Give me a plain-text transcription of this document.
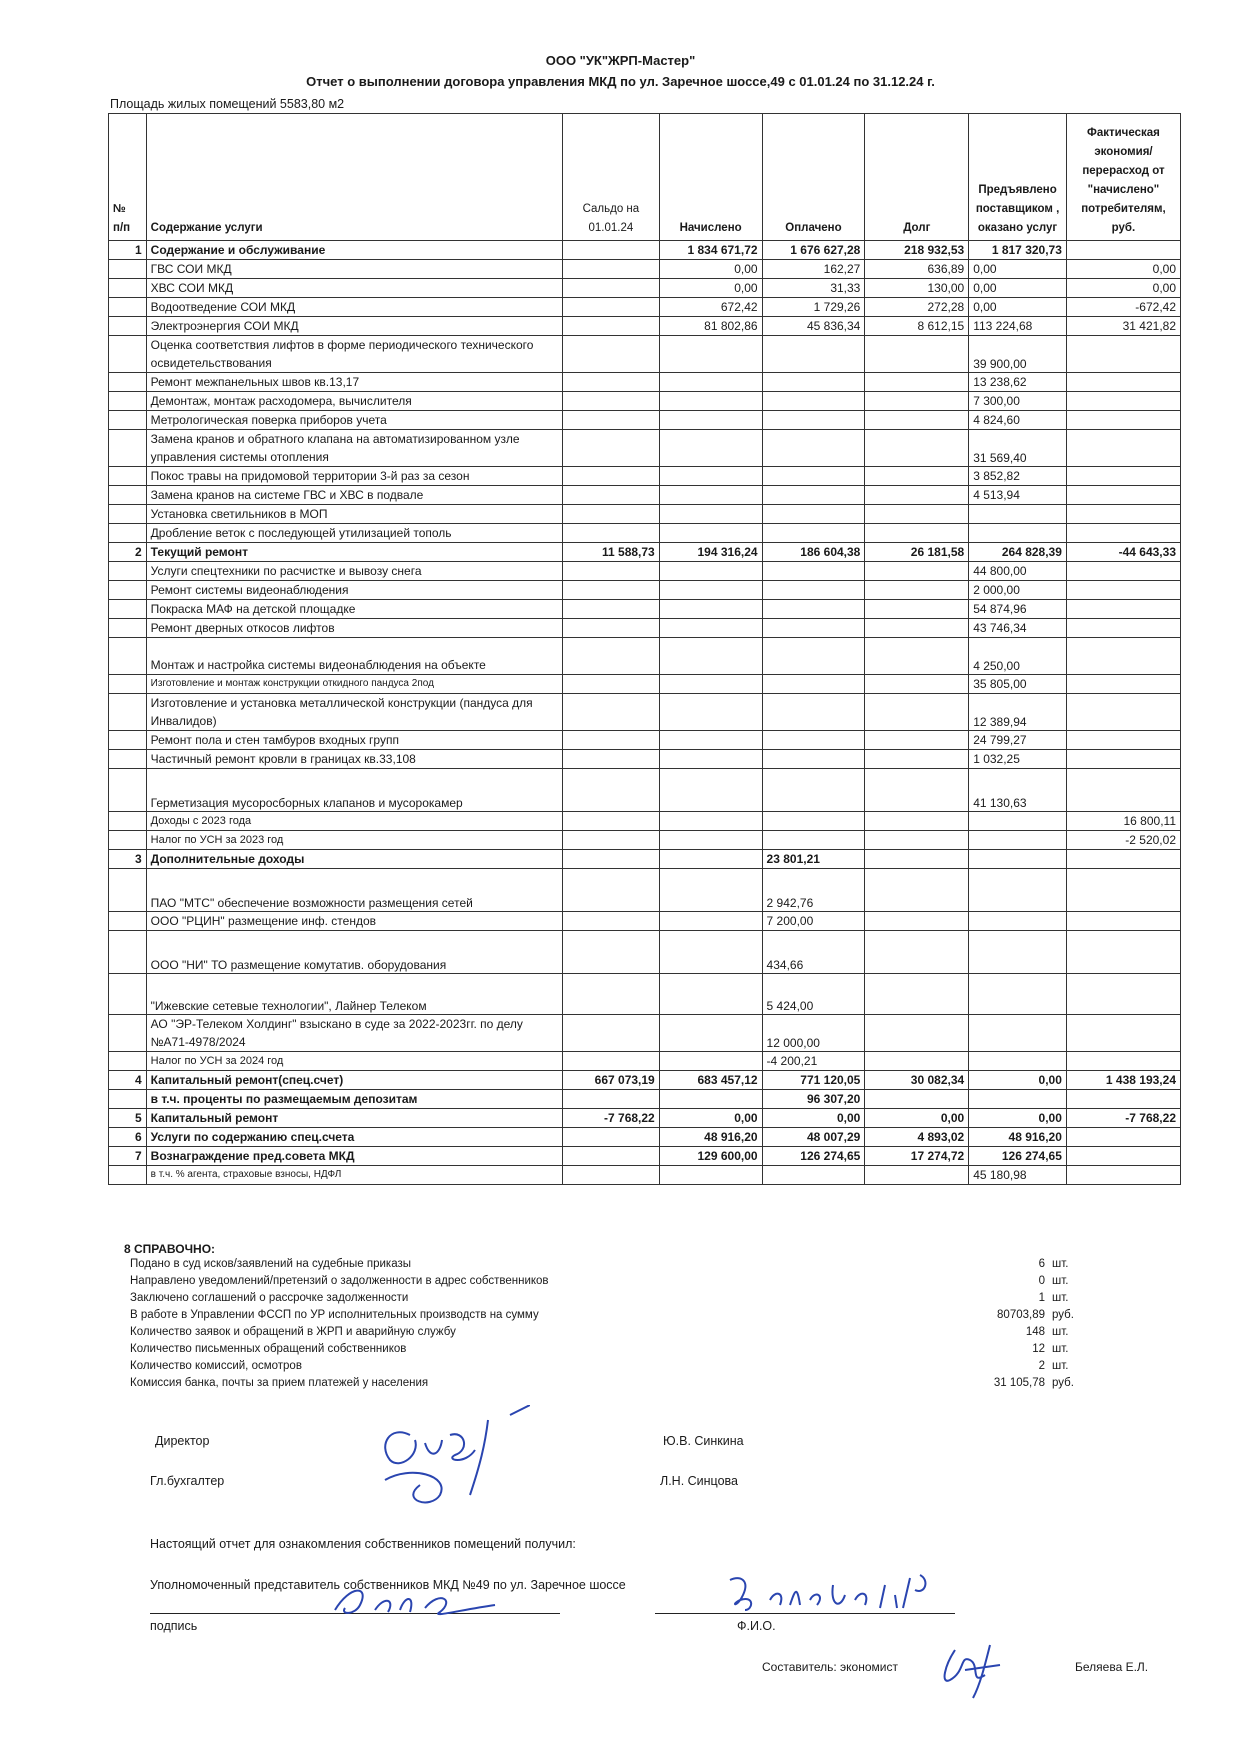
ООО "УК"ЖРП-Мастер"
Отчет о выполнении договора управления МКД по ул. Заречное шоссе,49 с 01.01.24 по 31.12.24 г.
Площадь жилых помещений 5583,80 м2
№
п/п	Содержание услуги	Сальдо на 01.01.24	Начислено	Оплачено	Долг	Предъявлено поставщиком , оказано услуг	Фактическая экономия/перерасход от "начислено" потребителям, руб.
1	Содержание и обслуживание		1 834 671,72	1 676 627,28	218 932,53	1 817 320,73	
	ГВС СОИ МКД		0,00	162,27	636,89	0,00	0,00
	ХВС СОИ МКД		0,00	31,33	130,00	0,00	0,00
	Водоотведение СОИ МКД		672,42	1 729,26	272,28	0,00	-672,42
	Электроэнергия СОИ МКД		81 802,86	45 836,34	8 612,15	113 224,68	31 421,82
	Оценка соответствия лифтов в форме периодического технического освидетельствования					39 900,00	
	Ремонт межпанельных швов кв.13,17					13 238,62	
	Демонтаж, монтаж расходомера, вычислителя					7 300,00	
	Метрологическая поверка приборов учета					4 824,60	
	Замена кранов и обратного клапана на автоматизированном узле управления системы отопления					31 569,40	
	Покос травы на придомовой территории 3-й раз за сезон					3 852,82	
	Замена кранов на системе ГВС и ХВС в подвале					4 513,94	
	Установка светильников в МОП						
	Дробление веток с последующей утилизацией тополь						
2	Текущий ремонт	11 588,73	194 316,24	186 604,38	26 181,58	264 828,39	-44 643,33
	Услуги спецтехники по расчистке и вывозу снега					44 800,00	
	Ремонт системы видеонаблюдения					2 000,00	
	Покраска МАФ на детской площадке					54 874,96	
	Ремонт дверных откосов лифтов					43 746,34	
	Монтаж и настройка системы видеонаблюдения на объекте					4 250,00	
	Изготовление и монтаж конструкции откидного пандуса 2под					35 805,00	
	Изготовление и установка металлической конструкции (пандуса для Инвалидов)					12 389,94	
	Ремонт пола и стен тамбуров входных групп					24 799,27	
	Частичный ремонт кровли в границах кв.33,108					1 032,25	
	Герметизация мусоросборных клапанов и мусорокамер					41 130,63	
	Доходы с 2023 года						16 800,11
	Налог по УСН за 2023 год						-2 520,02
3	Дополнительные доходы			23 801,21			
	ПАО "МТС" обеспечение возможности размещения сетей			2 942,76			
	ООО "РЦИН" размещение инф. стендов			7 200,00			
	ООО "НИ" ТО размещение комутатив. оборудования			434,66			
	"Ижевские сетевые технологии", Лайнер Телеком			5 424,00			
	АО "ЭР-Телеком Холдинг" взыскано в суде за 2022-2023гг. по делу №А71-4978/2024			12 000,00			
	Налог по УСН за 2024 год			-4 200,21			
4	Капитальный ремонт(спец.счет)	667 073,19	683 457,12	771 120,05	30 082,34	0,00	1 438 193,24
	в т.ч. проценты по размещаемым депозитам			96 307,20			
5	Капитальный ремонт	-7 768,22	0,00	0,00	0,00	0,00	-7 768,22
6	Услуги по содержанию спец.счета		48 916,20	48 007,29	4 893,02	48 916,20	
7	Вознаграждение пред.совета МКД		129 600,00	126 274,65	17 274,72	126 274,65	
	в т.ч. % агента, страховые взносы, НДФЛ					45 180,98	
8 СПРАВОЧНО:
Подано в суд исков/заявлений на судебные приказы	6 шт.
Направлено уведомлений/претензий о задолженности в адрес собственников	0 шт.
Заключено соглашений о рассрочке задолженности	1 шт.
В работе в Управлении ФССП по УР исполнительных производств на сумму	80703,89 руб.
Количество заявок и обращений в ЖРП и аварийную службу	148 шт.
Количество письменных обращений собственников	12 шт.
Количество комиссий, осмотров	2 шт.
Комиссия банка, почты за прием платежей у населения	31 105,78 руб.
Директор	Ю.В. Синкина
Гл.бухгалтер	Л.Н. Синцова
Настоящий отчет для ознакомления собственников помещений получил:
Уполномоченный представитель собственников МКД №49 по ул. Заречное шоссе
подпись	Ф.И.О.
Составитель: экономист	Беляева Е.Л.
